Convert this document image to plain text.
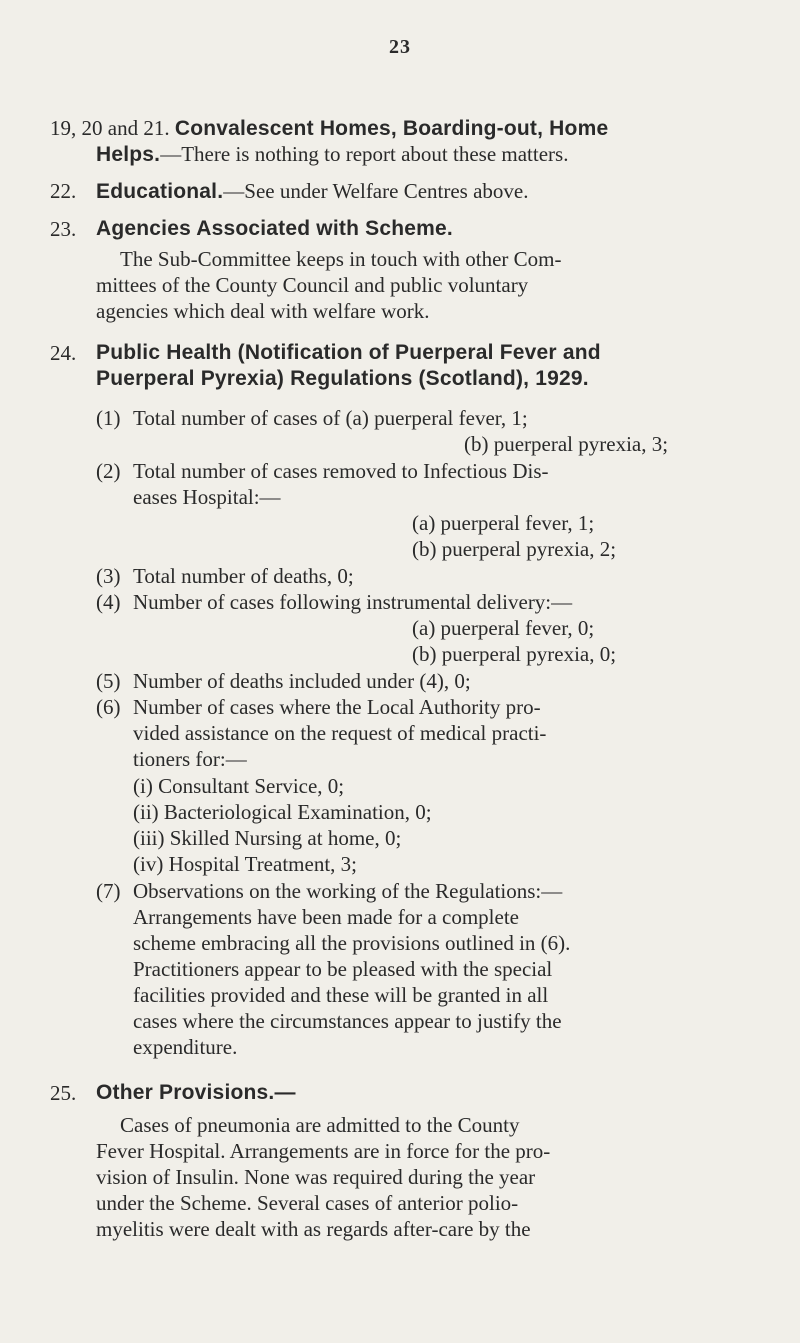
23
19, 20 and 21. Convalescent Homes, Boarding-out, Home
Helps.—There is nothing to report about these matters.
22. Educational.—See under Welfare Centres above.
23. Agencies Associated with Scheme.
The Sub-Committee keeps in touch with other Com-
mittees of the County Council and public voluntary
agencies which deal with welfare work.
24. Public Health (Notification of Puerperal Fever and
Puerperal Pyrexia) Regulations (Scotland), 1929.
(1) Total number of cases of (a) puerperal fever, 1;
(b) puerperal pyrexia, 3;
(2) Total number of cases removed to Infectious Dis-
eases Hospital:—
(a) puerperal fever, 1;
(b) puerperal pyrexia, 2;
(3) Total number of deaths, 0;
(4) Number of cases following instrumental delivery:—
(a) puerperal fever, 0;
(b) puerperal pyrexia, 0;
(5) Number of deaths included under (4), 0;
(6) Number of cases where the Local Authority pro-
vided assistance on the request of medical practi-
tioners for:—
(i) Consultant Service, 0;
(ii) Bacteriological Examination, 0;
(iii) Skilled Nursing at home, 0;
(iv) Hospital Treatment, 3;
(7) Observations on the working of the Regulations:—
Arrangements have been made for a complete
scheme embracing all the provisions outlined in (6).
Practitioners appear to be pleased with the special
facilities provided and these will be granted in all
cases where the circumstances appear to justify the
expenditure.
25. Other Provisions.—
Cases of pneumonia are admitted to the County
Fever Hospital. Arrangements are in force for the pro-
vision of Insulin. None was required during the year
under the Scheme. Several cases of anterior polio-
myelitis were dealt with as regards after-care by the
